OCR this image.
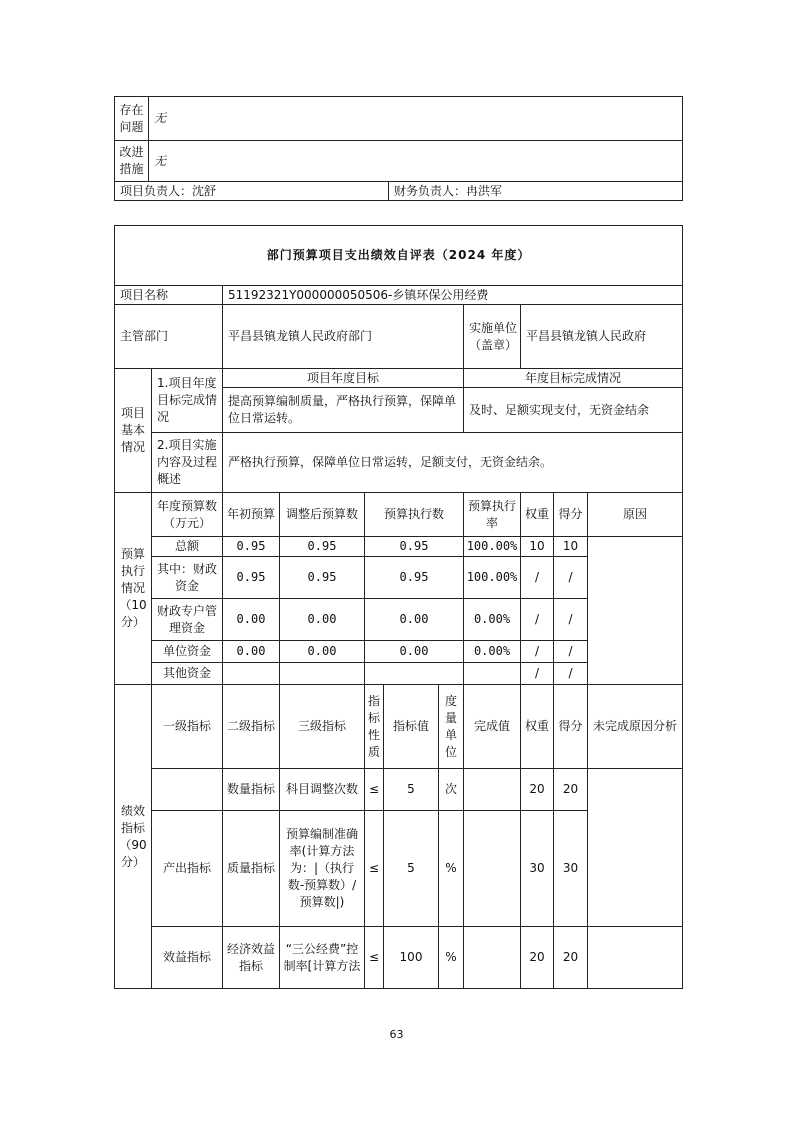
存在问题	无	
改进措施	无	
项目负责人：沈舒		财务负责人：冉洪军
部门预算项目支出绩效自评表（2024 年度）										
项目名称		51192321Y000000050506-乡镇环保公用经费								
主管部门		平昌县镇龙镇人民政府部门					实施单位（盖章）	平昌县镇龙镇人民政府		
项目基本情况	1.项目年度目标完成情况	项目年度目标					年度目标完成情况			
		提高预算编制质量，严格执行预算，保障单位日常运转。					及时、足额实现支付，无资金结余			
	2.项目实施内容及过程概述	严格执行预算，保障单位日常运转，足额支付，无资金结余。								
预算执行情况（10分）	年度预算数（万元）	年初预算	调整后预算数	预算执行数			预算执行率	权重	得分	原因
	总额	0.95	0.95	0.95			100.00%	10	10	
	其中：财政资金	0.95	0.95	0.95			100.00%	/	/	
	财政专户管理资金	0.00	0.00	0.00			0.00%	/	/	
	单位资金	0.00	0.00	0.00			0.00%	/	/	
	其他资金							/	/	
绩效指标（90分）	一级指标	二级指标	三级指标	指标性质	指标值	度量单位	完成值	权重	得分	未完成原因分析
		数量指标	科目调整次数	≤	5	次		20	20	
	产出指标	质量指标	预算编制准确率(计算方法为：|（执行数-预算数）/预算数|)	≤	5	%		30	30	
	效益指标	经济效益指标	“三公经费”控制率[计算方法	≤	100	%		20	20	
63
